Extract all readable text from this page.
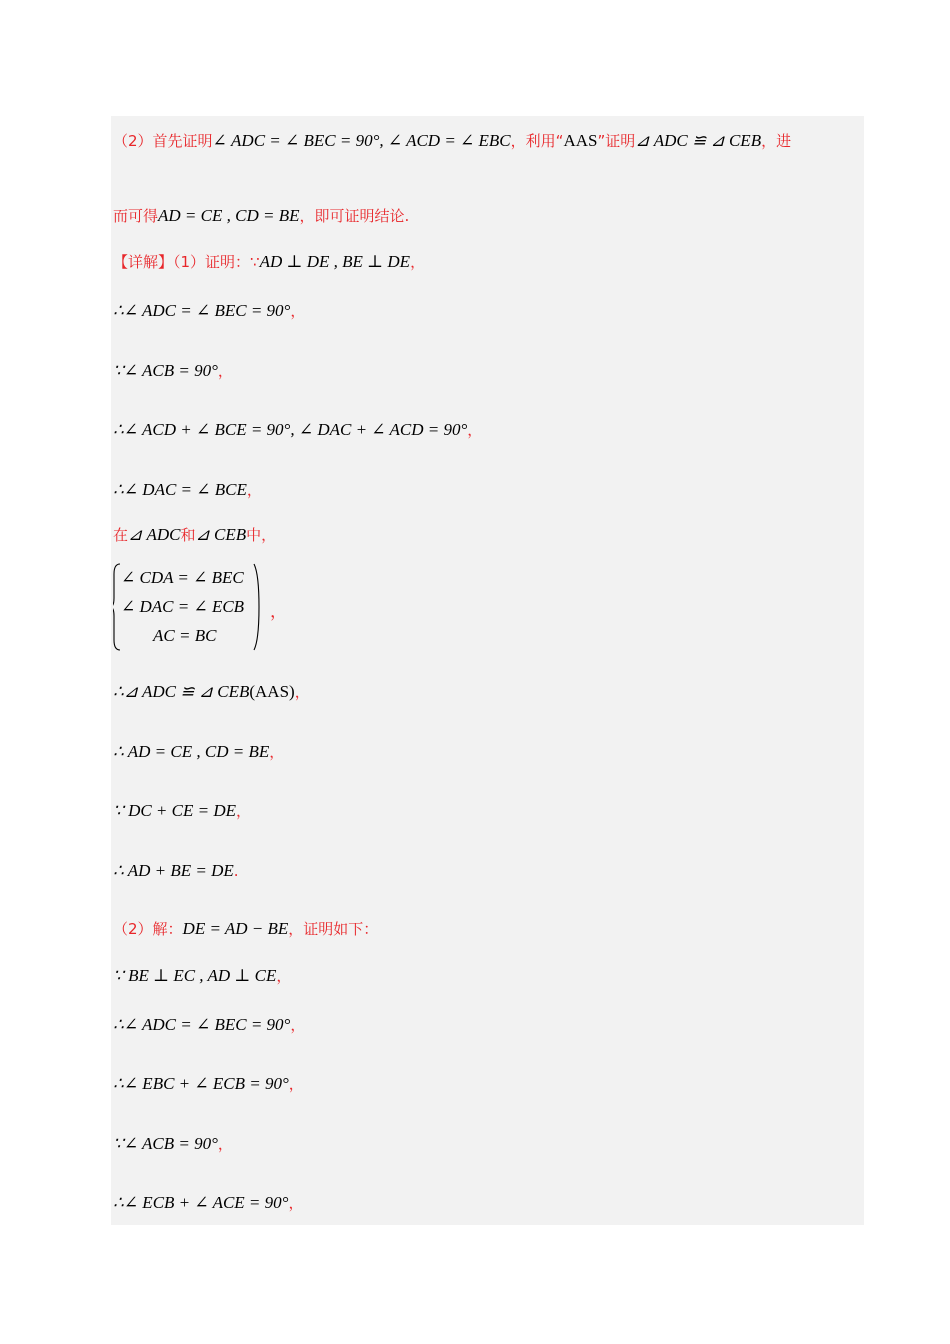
（2）首先证明∠ ADC = ∠ BEC = 90°, ∠ ACD = ∠ EBC，利用“AAS”证明⊿ ADC ≌ ⊿ CEB，进
而可得AD = CE , CD = BE，即可证明结论.
【详解】（1）证明：∵AD ⊥ DE , BE ⊥ DE，
∴∠ ADC = ∠ BEC = 90°，
∵∠ ACB = 90°，
∴∠ ACD + ∠ BCE = 90°, ∠ DAC + ∠ ACD = 90°，
∴∠ DAC = ∠ BCE，
在⊿ ADC和⊿ CEB中，
∴⊿ ADC ≌ ⊿ CEB(AAS)，
∴ AD = CE , CD = BE，
∵ DC + CE = DE，
∴ AD + BE = DE.
（2）解：DE = AD − BE，证明如下：
∵ BE ⊥ EC , AD ⊥ CE，
∴∠ ADC = ∠ BEC = 90°，
∴∠ EBC + ∠ ECB = 90°，
∵∠ ACB = 90°，
∴∠ ECB + ∠ ACE = 90°，
∠ CDA = ∠ BEC
∠ DAC = ∠ ECB
AC = BC
，
